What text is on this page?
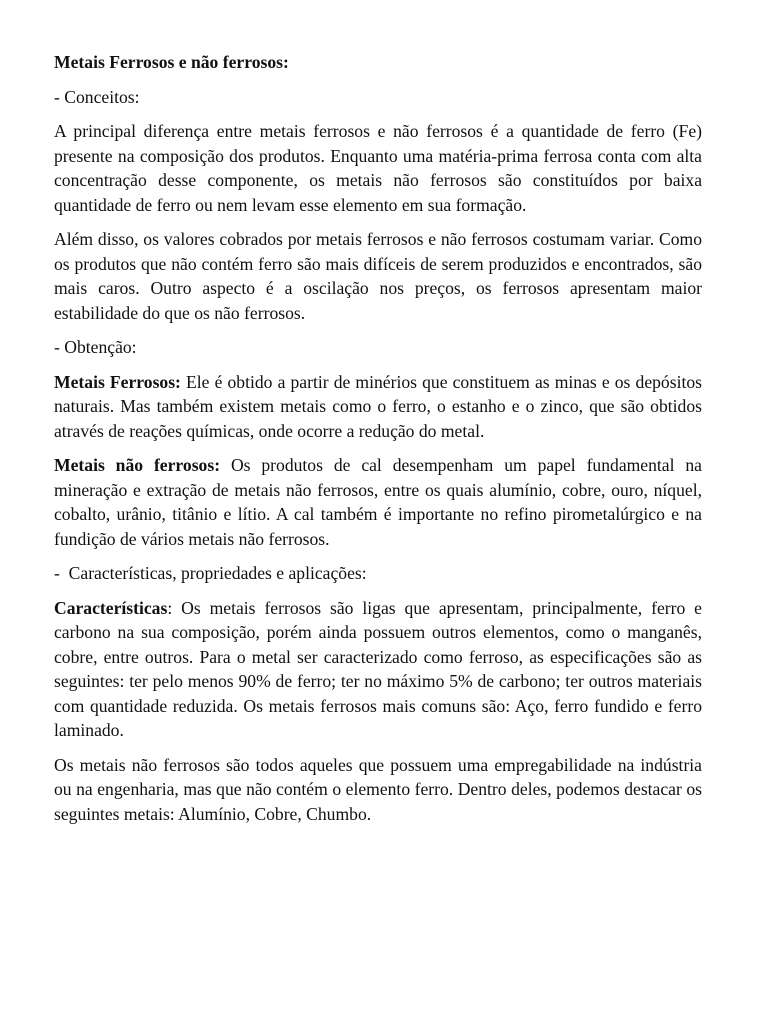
Metais Ferrosos e não ferrosos:

- Conceitos:

A principal diferença entre metais ferrosos e não ferrosos é a quantidade de ferro (Fe) presente na composição dos produtos. Enquanto uma matéria-prima ferrosa conta com alta concentração desse componente, os metais não ferrosos são constituídos por baixa quantidade de ferro ou nem levam esse elemento em sua formação.

Além disso, os valores cobrados por metais ferrosos e não ferrosos costumam variar. Como os produtos que não contém ferro são mais difíceis de serem produzidos e encontrados, são mais caros. Outro aspecto é a oscilação nos preços, os ferrosos apresentam maior estabilidade do que os não ferrosos.

- Obtenção:

Metais Ferrosos: Ele é obtido a partir de minérios que constituem as minas e os depósitos naturais. Mas também existem metais como o ferro, o estanho e o zinco, que são obtidos através de reações químicas, onde ocorre a redução do metal.

Metais não ferrosos: Os produtos de cal desempenham um papel fundamental na mineração e extração de metais não ferrosos, entre os quais alumínio, cobre, ouro, níquel, cobalto, urânio, titânio e lítio. A cal também é importante no refino pirometalúrgico e na fundição de vários metais não ferrosos.

-  Características, propriedades e aplicações:

Características: Os metais ferrosos são ligas que apresentam, principalmente, ferro e carbono na sua composição, porém ainda possuem outros elementos, como o manganês, cobre, entre outros. Para o metal ser caracterizado como ferroso, as especificações são as seguintes: ter pelo menos 90% de ferro; ter no máximo 5% de carbono; ter outros materiais com quantidade reduzida. Os metais ferrosos mais comuns são: Aço, ferro fundido e ferro laminado.

Os metais não ferrosos são todos aqueles que possuem uma empregabilidade na indústria ou na engenharia, mas que não contém o elemento ferro. Dentro deles, podemos destacar os seguintes metais: Alumínio, Cobre, Chumbo.
